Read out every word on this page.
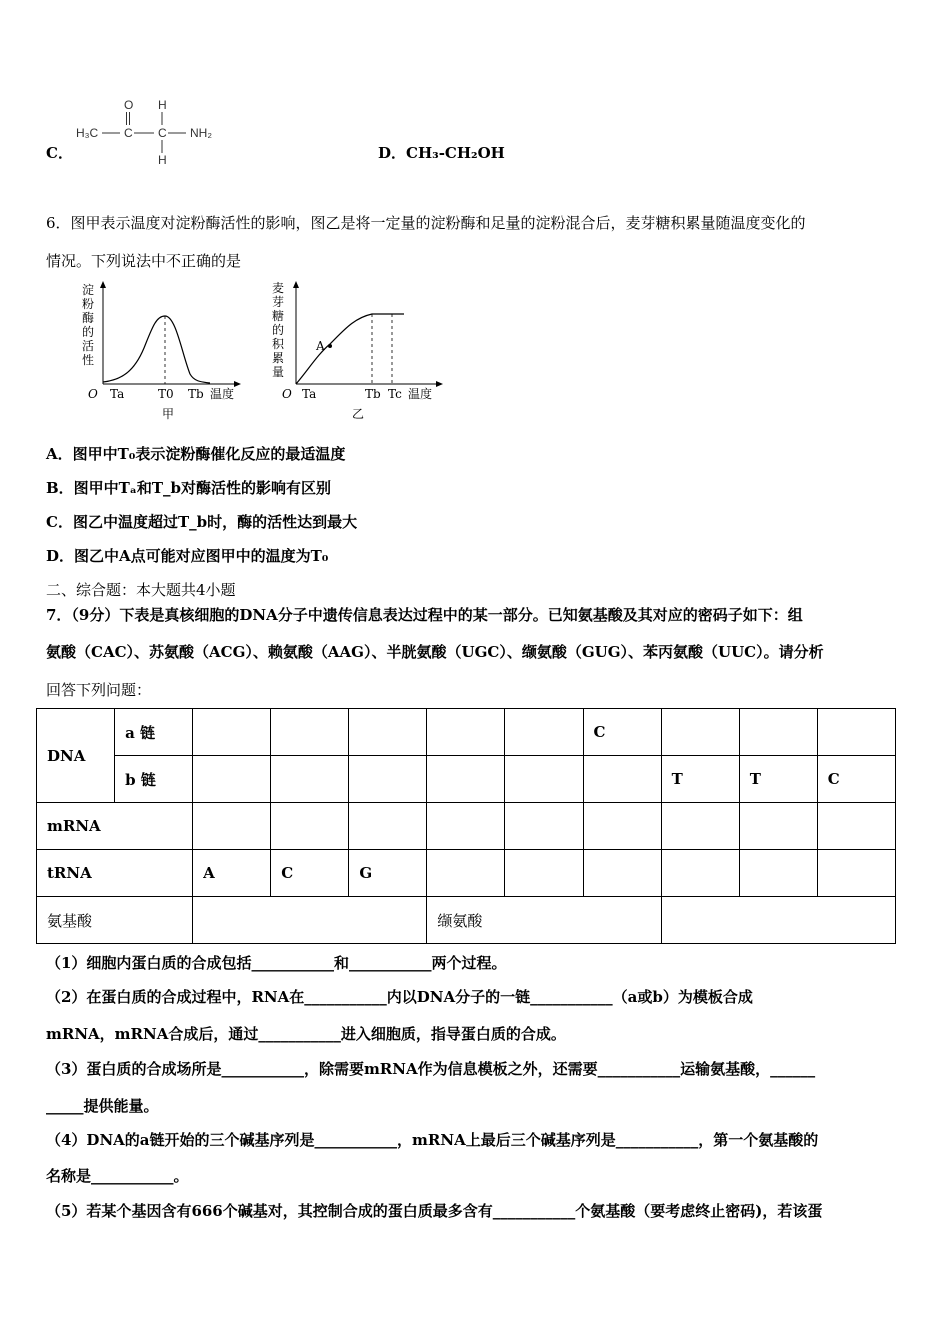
C．
H₃C C
O
C
H
H
NH₂
D．CH₃-CH₂OH
6．图甲表示温度对淀粉酶活性的影响，图乙是将一定量的淀粉酶和足量的淀粉混合后，麦芽糖积累量随温度变化的
情况。下列说法中不正确的是
淀
粉
酶
的
活
性
O Ta	T0 Tb 温度
甲
麦
芽
糖
的
积
累
量
A
O Ta	Tb Tc 温度
乙
A．图甲中T₀表示淀粉酶催化反应的最适温度
B．图甲中Tₐ和T_b对酶活性的影响有区别
C．图乙中温度超过T_b时，酶的活性达到最大
D．图乙中A点可能对应图甲中的温度为T₀
二、综合题：本大题共4小题
7．（9分）下表是真核细胞的DNA分子中遗传信息表达过程中的某一部分。已知氨基酸及其对应的密码子如下：组
氨酸（CAC）、苏氨酸（ACG）、赖氨酸（AAG）、半胱氨酸（UGC）、缬氨酸（GUG）、苯丙氨酸（UUC）。请分析
回答下列问题：
DNA	a 链						C			
	b 链							T	T	C
mRNA										
tRNA		A	C	G						
氨基酸					缬氨酸					
（1）细胞内蛋白质的合成包括___________和___________两个过程。
（2）在蛋白质的合成过程中，RNA在___________内以DNA分子的一链___________（a或b）为模板合成
mRNA，mRNA合成后，通过___________进入细胞质，指导蛋白质的合成。
（3）蛋白质的合成场所是___________，除需要mRNA作为信息模板之外，还需要___________运输氨基酸，______
_____提供能量。
（4）DNA的a链开始的三个碱基序列是___________，mRNA上最后三个碱基序列是___________，第一个氨基酸的
名称是___________。
（5）若某个基因含有666个碱基对，其控制合成的蛋白质最多含有___________个氨基酸（要考虑终止密码)，若该蛋
